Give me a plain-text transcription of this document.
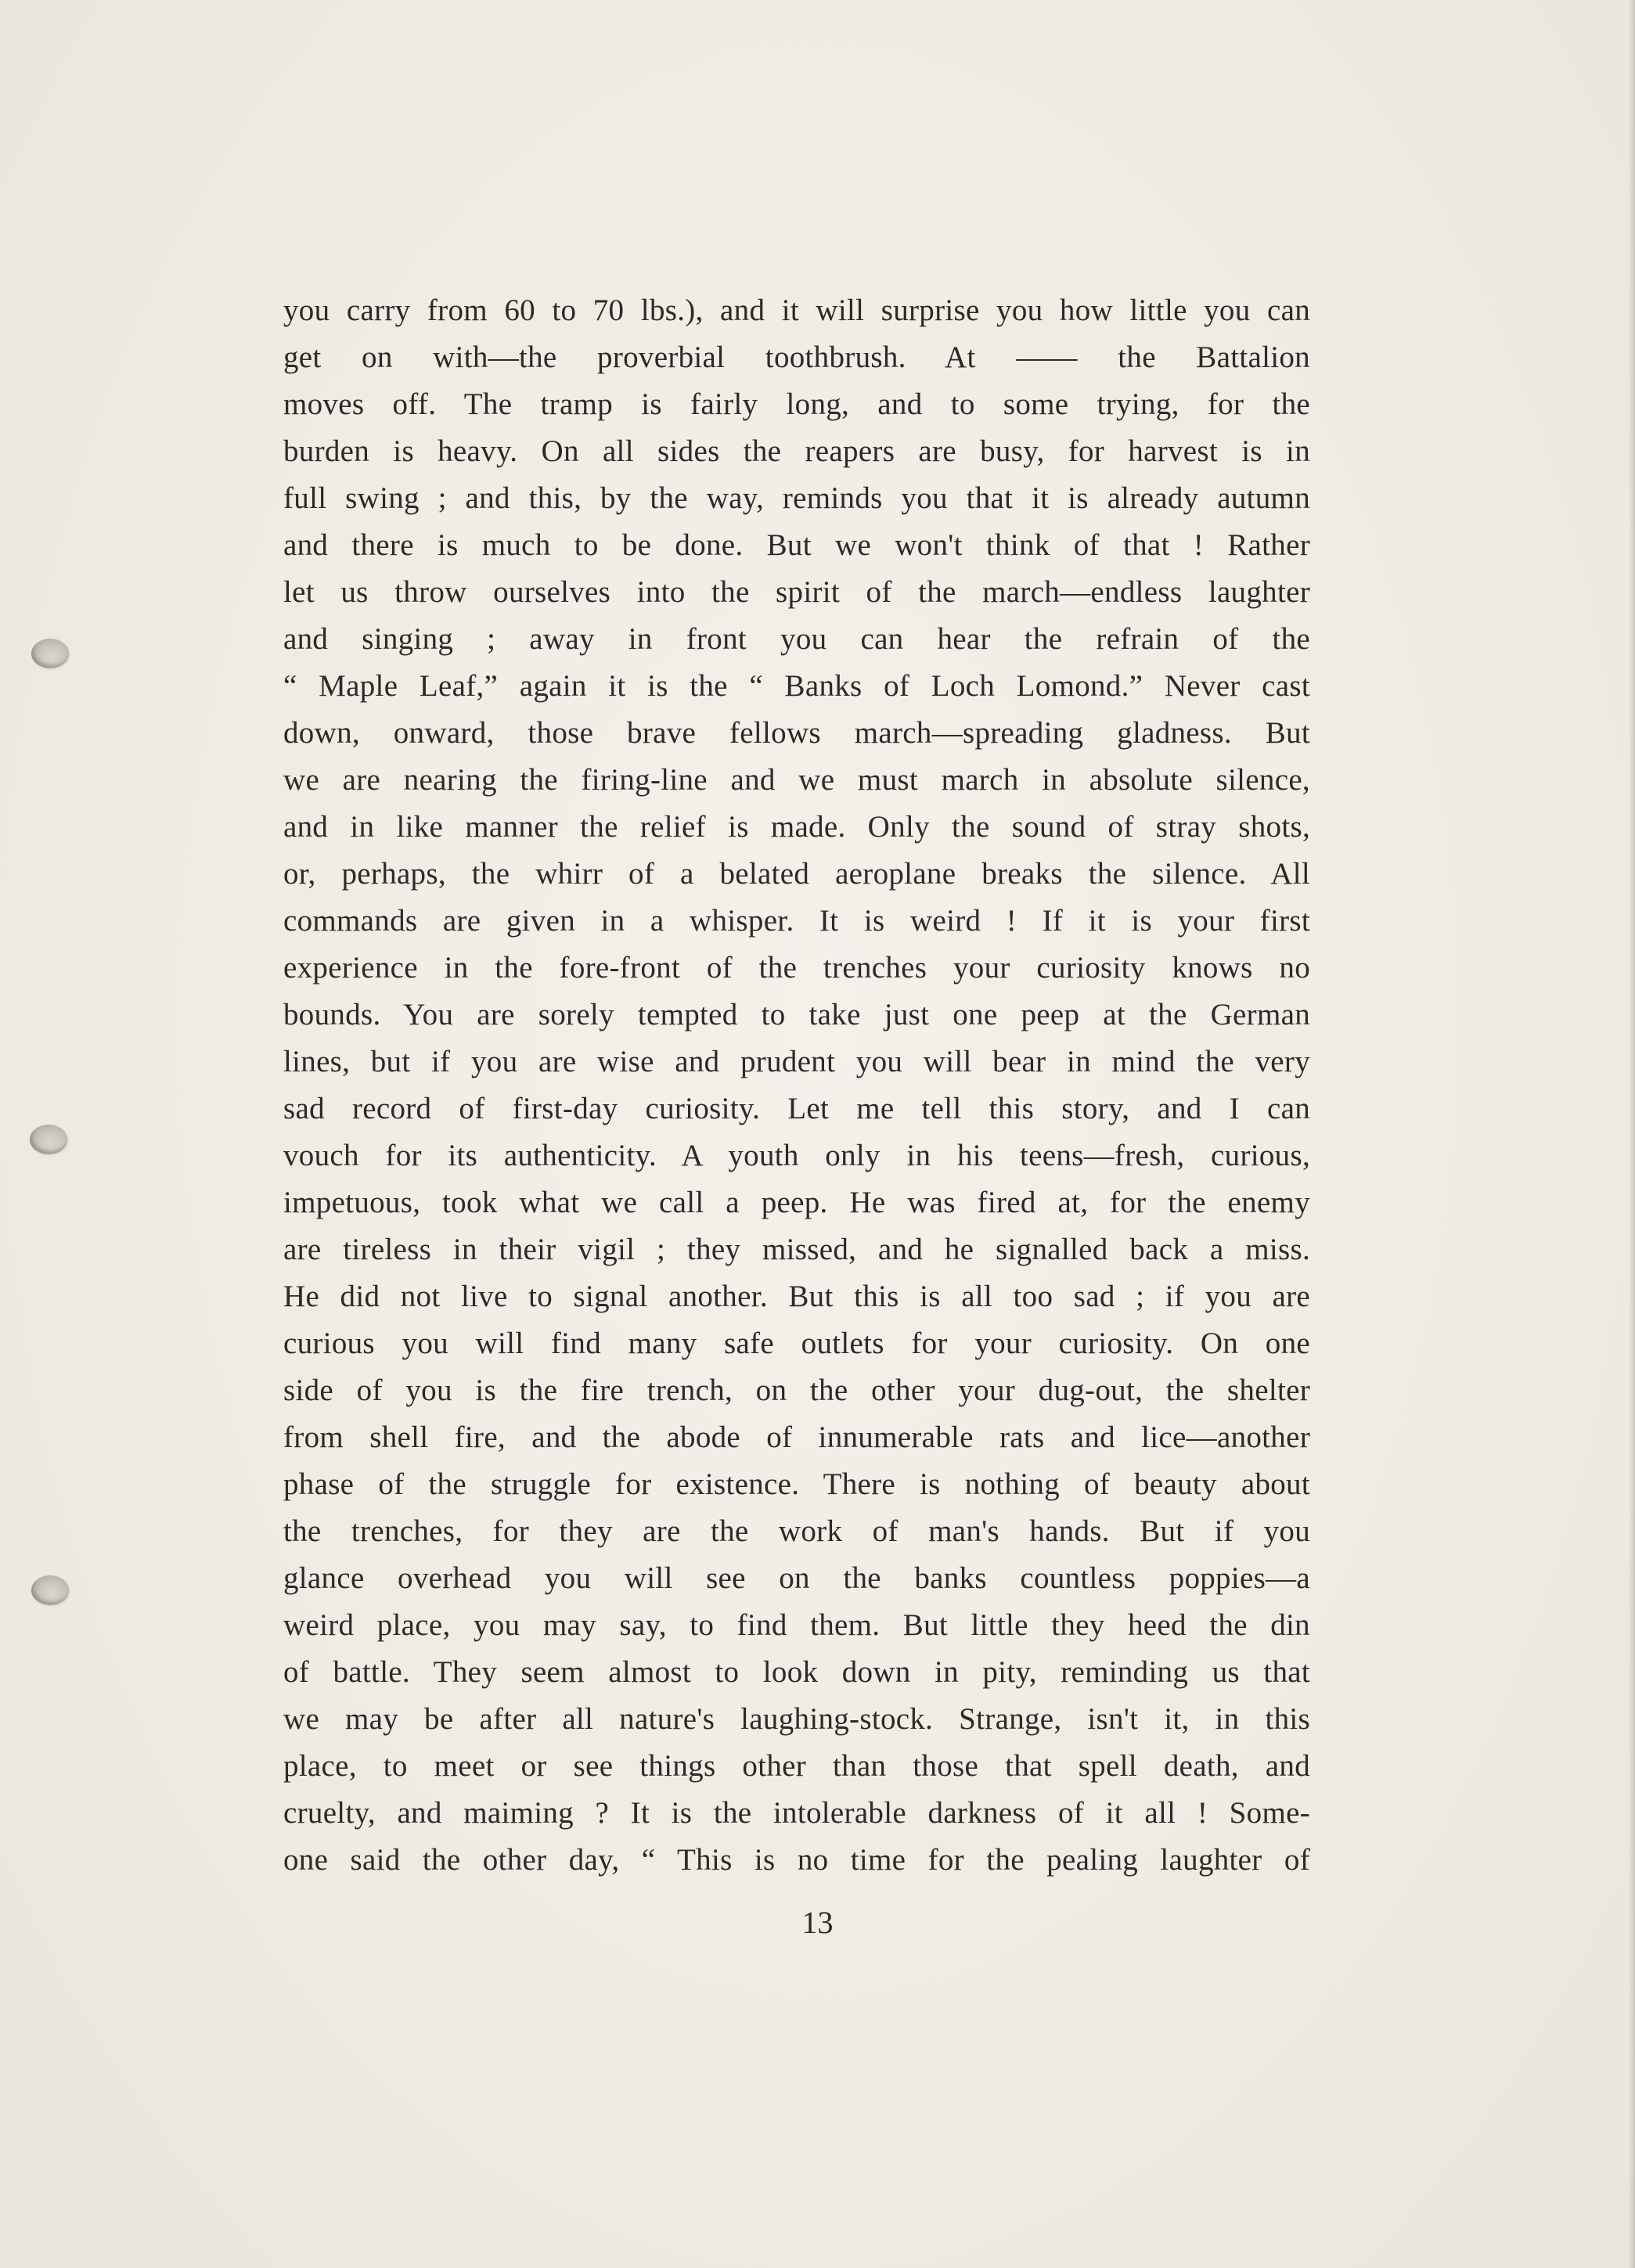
you carry from 60 to 70 lbs.), and it will surprise you how little you can
get on with—the proverbial toothbrush. At —— the Battalion
moves off. The tramp is fairly long, and to some trying, for the
burden is heavy. On all sides the reapers are busy, for harvest is in
full swing ; and this, by the way, reminds you that it is already autumn
and there is much to be done. But we won't think of that ! Rather
let us throw ourselves into the spirit of the march—endless laughter
and singing ; away in front you can hear the refrain of the
“ Maple Leaf,” again it is the “ Banks of Loch Lomond.” Never cast
down, onward, those brave fellows march—spreading gladness. But
we are nearing the firing-line and we must march in absolute silence,
and in like manner the relief is made. Only the sound of stray shots,
or, perhaps, the whirr of a belated aeroplane breaks the silence. All
commands are given in a whisper. It is weird ! If it is your first
experience in the fore-front of the trenches your curiosity knows no
bounds. You are sorely tempted to take just one peep at the German
lines, but if you are wise and prudent you will bear in mind the very
sad record of first-day curiosity. Let me tell this story, and I can
vouch for its authenticity. A youth only in his teens—fresh, curious,
impetuous, took what we call a peep. He was fired at, for the enemy
are tireless in their vigil ; they missed, and he signalled back a miss.
He did not live to signal another. But this is all too sad ; if you are
curious you will find many safe outlets for your curiosity. On one
side of you is the fire trench, on the other your dug-out, the shelter
from shell fire, and the abode of innumerable rats and lice—another
phase of the struggle for existence. There is nothing of beauty about
the trenches, for they are the work of man's hands. But if you
glance overhead you will see on the banks countless poppies—a
weird place, you may say, to find them. But little they heed the din
of battle. They seem almost to look down in pity, reminding us that
we may be after all nature's laughing-stock. Strange, isn't it, in this
place, to meet or see things other than those that spell death, and
cruelty, and maiming ? It is the intolerable darkness of it all ! Some-
one said the other day, “ This is no time for the pealing laughter of
13
